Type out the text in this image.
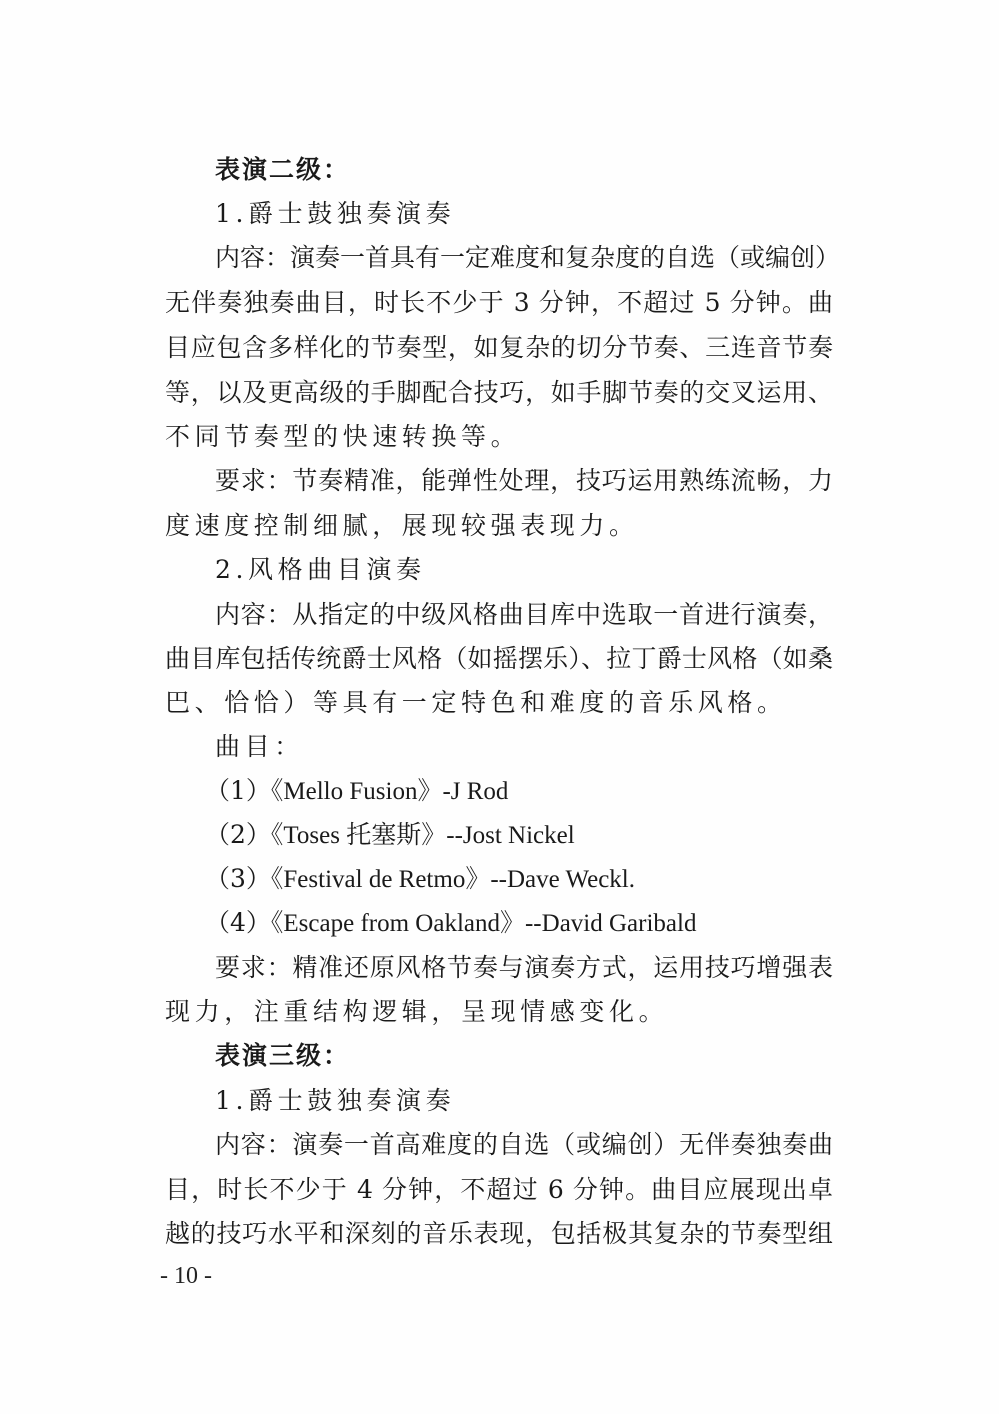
表演二级：
1.爵士鼓独奏演奏
内容：演奏一首具有一定难度和复杂度的自选（或编创）
无伴奏独奏曲目，时长不少于 3 分钟，不超过 5 分钟。曲
目应包含多样化的节奏型，如复杂的切分节奏、三连音节奏
等，以及更高级的手脚配合技巧，如手脚节奏的交叉运用、
不同节奏型的快速转换等。
要求：节奏精准，能弹性处理，技巧运用熟练流畅，力
度速度控制细腻，展现较强表现力。
2.风格曲目演奏
内容：从指定的中级风格曲目库中选取一首进行演奏，
曲目库包括传统爵士风格（如摇摆乐）、拉丁爵士风格（如桑
巴、恰恰）等具有一定特色和难度的音乐风格。
曲目：
（1）《Mello Fusion》-J Rod
（2）《Toses 托塞斯》--Jost Nickel
（3）《Festival de Retmo》--Dave Weckl.
（4）《Escape from Oakland》--David Garibald
要求：精准还原风格节奏与演奏方式，运用技巧增强表
现力，注重结构逻辑，呈现情感变化。
表演三级：
1.爵士鼓独奏演奏
内容：演奏一首高难度的自选（或编创）无伴奏独奏曲
目，时长不少于 4 分钟，不超过 6 分钟。曲目应展现出卓
越的技巧水平和深刻的音乐表现，包括极其复杂的节奏型组
- 10 -
